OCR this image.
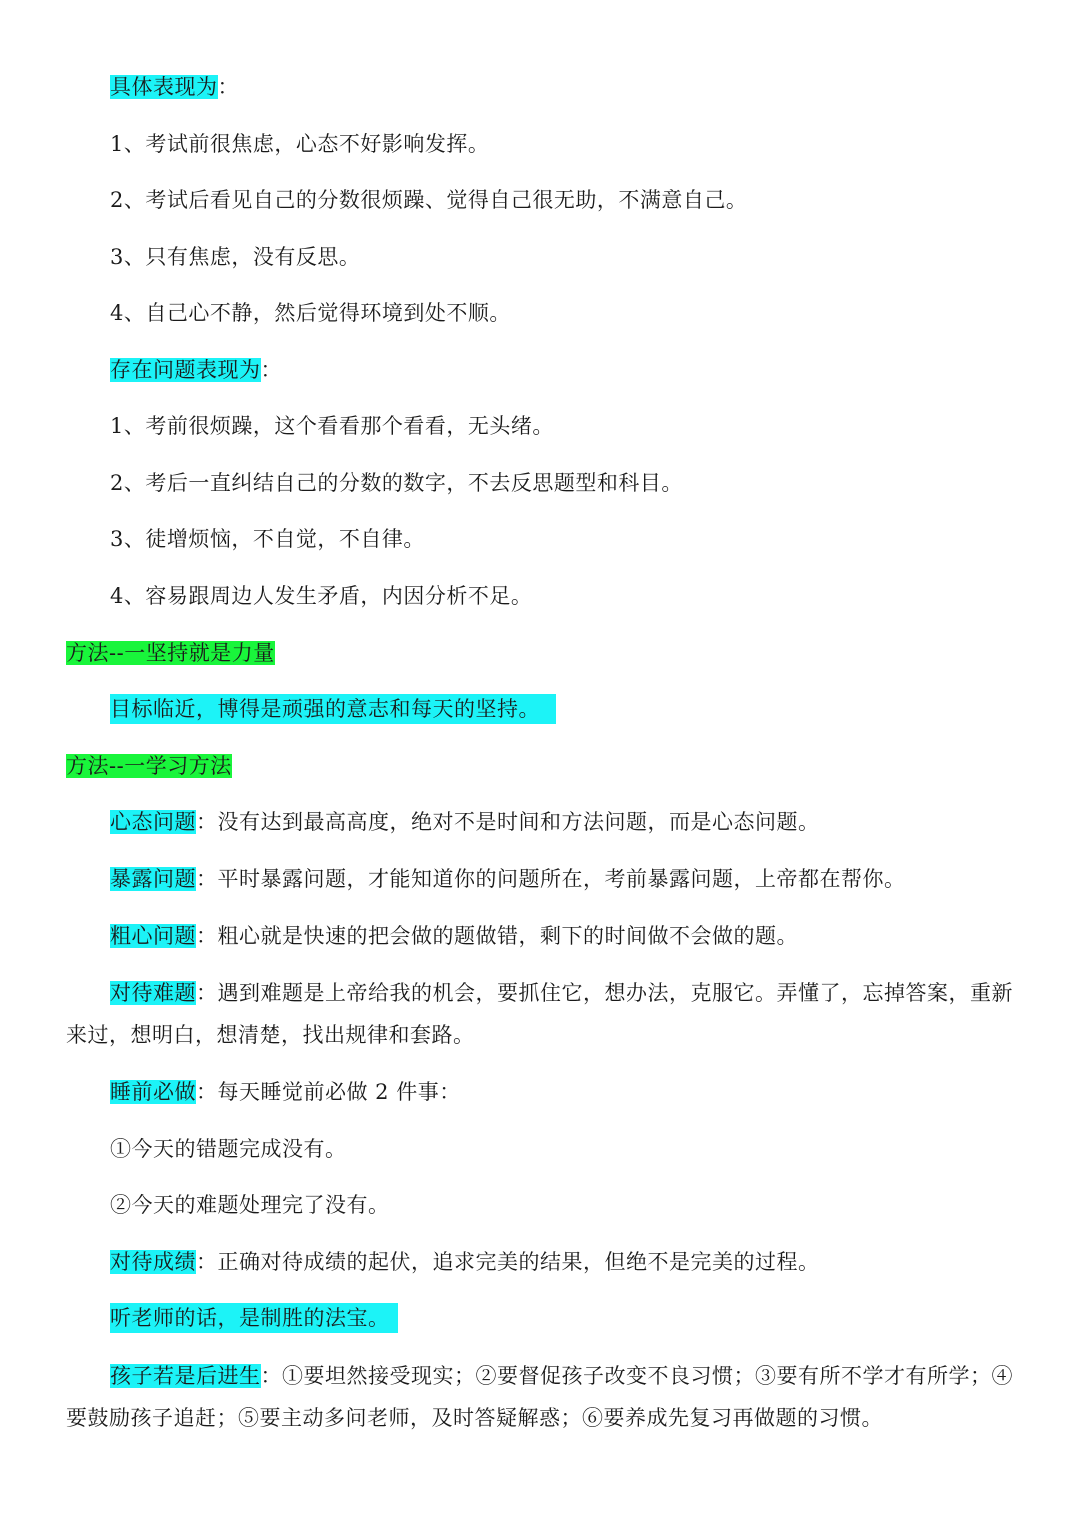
具体表现为：
1、考试前很焦虑，心态不好影响发挥。
2、考试后看见自己的分数很烦躁、觉得自己很无助，不满意自己。
3、只有焦虑，没有反思。
4、自己心不静，然后觉得环境到处不顺。
存在问题表现为：
1、考前很烦躁，这个看看那个看看，无头绪。
2、考后一直纠结自己的分数的数字，不去反思题型和科目。
3、徒增烦恼，不自觉，不自律。
4、容易跟周边人发生矛盾，内因分析不足。
方法--一坚持就是力量
目标临近，博得是顽强的意志和每天的坚持。
方法--一学习方法
心态问题：没有达到最高高度，绝对不是时间和方法问题，而是心态问题。
暴露问题：平时暴露问题，才能知道你的问题所在，考前暴露问题，上帝都在帮你。
粗心问题：粗心就是快速的把会做的题做错，剩下的时间做不会做的题。
对待难题：遇到难题是上帝给我的机会，要抓住它，想办法，克服它。弄懂了，忘掉答案，重新来过，想明白，想清楚，找出规律和套路。
睡前必做：每天睡觉前必做 2 件事：
①今天的错题完成没有。
②今天的难题处理完了没有。
对待成绩：正确对待成绩的起伏，追求完美的结果，但绝不是完美的过程。
听老师的话，是制胜的法宝。
孩子若是后进生：①要坦然接受现实；②要督促孩子改变不良习惯；③要有所不学才有所学；④要鼓励孩子追赶；⑤要主动多问老师，及时答疑解惑；⑥要养成先复习再做题的习惯。
